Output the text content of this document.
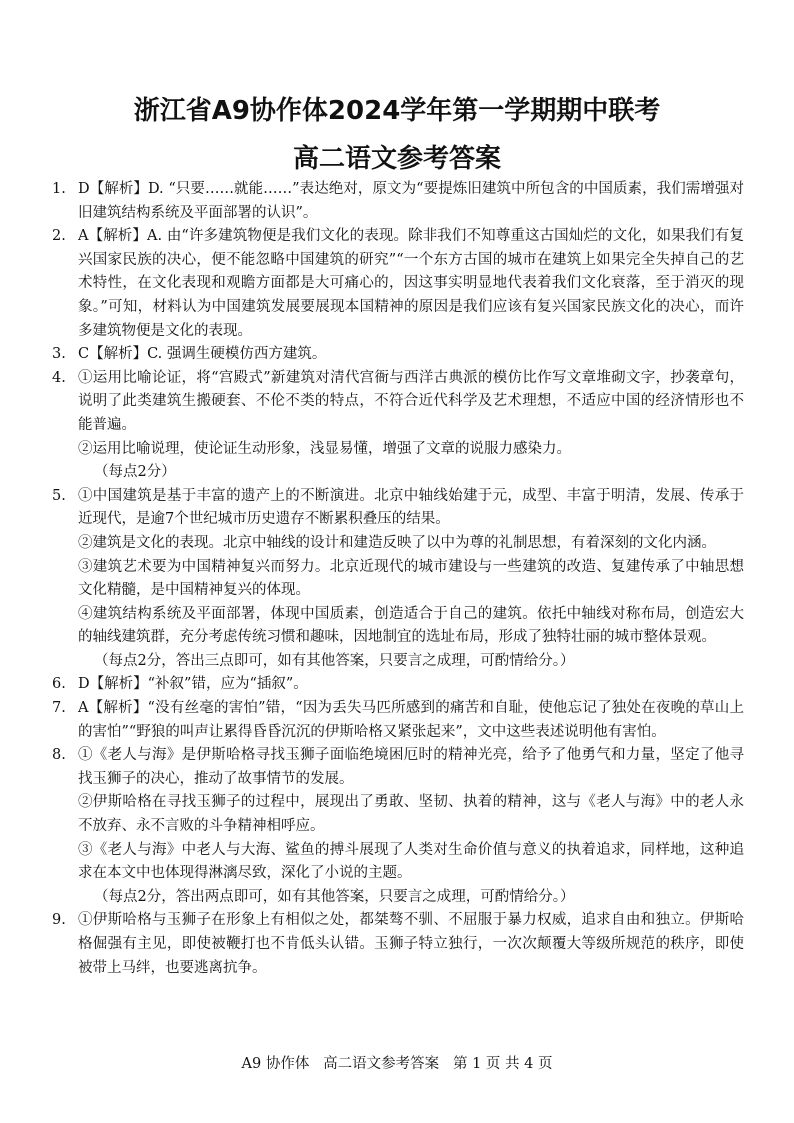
浙江省A9协作体2024学年第一学期期中联考
高二语文参考答案
1. D【解析】D. “只要……就能……”表达绝对，原文为“要提炼旧建筑中所包含的中国质素，我们需增强对旧建筑结构系统及平面部署的认识”。
2. A【解析】A. 由“许多建筑物便是我们文化的表现。除非我们不知尊重这古国灿烂的文化，如果我们有复兴国家民族的决心，便不能忽略中国建筑的研究”“一个东方古国的城市在建筑上如果完全失掉自己的艺术特性，在文化表现和观瞻方面都是大可痛心的，因这事实明显地代表着我们文化衰落，至于消灭的现象。”可知，材料认为中国建筑发展要展现本国精神的原因是我们应该有复兴国家民族文化的决心，而许多建筑物便是文化的表现。
3. C【解析】C. 强调生硬模仿西方建筑。
4. ①运用比喻论证，将“宫殿式”新建筑对清代宫衙与西洋古典派的模仿比作写文章堆砌文字，抄袭章句，说明了此类建筑生搬硬套、不伦不类的特点，不符合近代科学及艺术理想，不适应中国的经济情形也不能普遍。
②运用比喻说理，使论证生动形象，浅显易懂，增强了文章的说服力感染力。
（每点2分）
5. ①中国建筑是基于丰富的遗产上的不断演进。北京中轴线始建于元，成型、丰富于明清，发展、传承于近现代，是逾7个世纪城市历史遗存不断累积叠压的结果。
②建筑是文化的表现。北京中轴线的设计和建造反映了以中为尊的礼制思想，有着深刻的文化内涵。
③建筑艺术要为中国精神复兴而努力。北京近现代的城市建设与一些建筑的改造、复建传承了中轴思想文化精髓，是中国精神复兴的体现。
④建筑结构系统及平面部署，体现中国质素，创造适合于自己的建筑。依托中轴线对称布局，创造宏大的轴线建筑群，充分考虑传统习惯和趣味，因地制宜的选址布局，形成了独特壮丽的城市整体景观。
（每点2分，答出三点即可，如有其他答案，只要言之成理，可酌情给分。）
6. D【解析】“补叙”错，应为“插叙”。
7. A【解析】“没有丝毫的害怕”错，“因为丢失马匹所感到的痛苦和自耻，使他忘记了独处在夜晚的草山上的害怕”“野狼的叫声让累得昏昏沉沉的伊斯哈格又紧张起来”，文中这些表述说明他有害怕。
8. ①《老人与海》是伊斯哈格寻找玉狮子面临绝境困厄时的精神光亮，给予了他勇气和力量，坚定了他寻找玉狮子的决心，推动了故事情节的发展。
②伊斯哈格在寻找玉狮子的过程中，展现出了勇敢、坚韧、执着的精神，这与《老人与海》中的老人永不放弃、永不言败的斗争精神相呼应。
③《老人与海》中老人与大海、鲨鱼的搏斗展现了人类对生命价值与意义的执着追求，同样地，这种追求在本文中也体现得淋漓尽致，深化了小说的主题。
（每点2分，答出两点即可，如有其他答案，只要言之成理，可酌情给分。）
9. ①伊斯哈格与玉狮子在形象上有相似之处，都桀骜不驯、不屈服于暴力权威，追求自由和独立。伊斯哈格倔强有主见，即使被鞭打也不肯低头认错。玉狮子特立独行，一次次颠覆大等级所规范的秩序，即使被带上马绊，也要逃离抗争。
A9 协作体   高二语文参考答案   第 1 页 共 4 页
